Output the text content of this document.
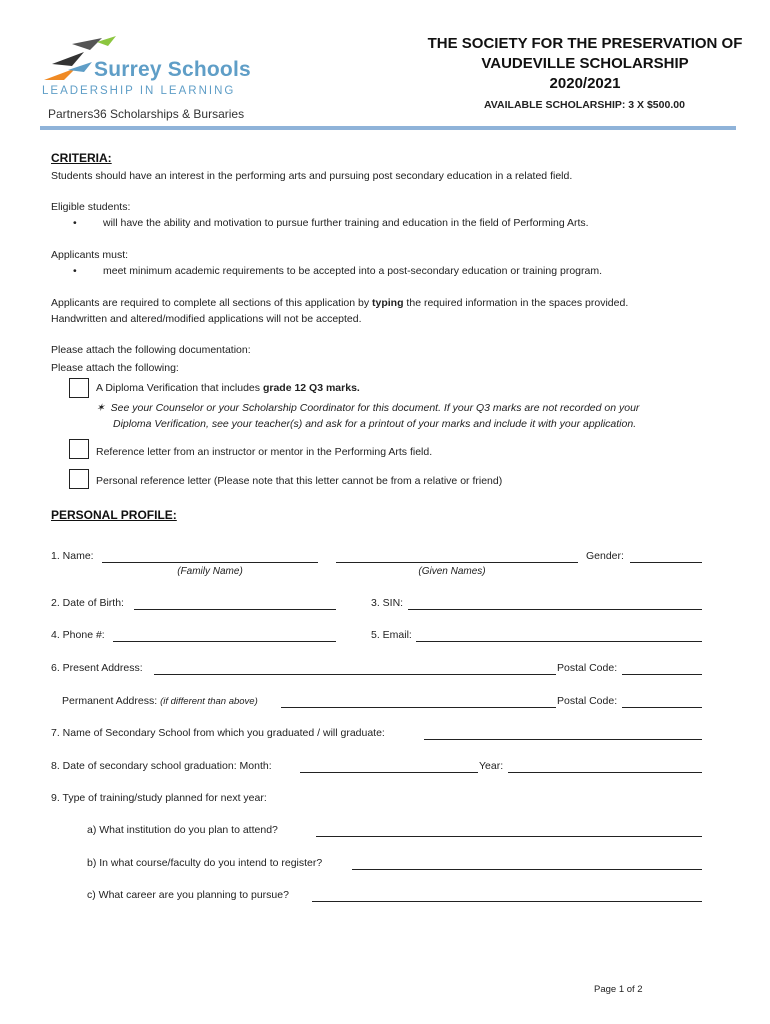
Surrey Schools
LEADERSHIP IN LEARNING
Partners36 Scholarships & Bursaries
THE SOCIETY FOR THE PRESERVATION OF
VAUDEVILLE SCHOLARSHIP
2020/2021
AVAILABLE SCHOLARSHIP: 3 X $500.00
CRITERIA:
Students should have an interest in the performing arts and pursuing post secondary education in a related field.
Eligible students:
•	will have the ability and motivation to pursue further training and education in the field of Performing Arts.
Applicants must:
•	meet minimum academic requirements to be accepted into a post-secondary education or training program.
Applicants are required to complete all sections of this application by typing the required information in the spaces provided.
Handwritten and altered/modified applications will not be accepted.
Please attach the following documentation:
Please attach the following:
A Diploma Verification that includes grade 12 Q3 marks.
✶ See your Counselor or your Scholarship Coordinator for this document. If your Q3 marks are not recorded on your
Diploma Verification, see your teacher(s) and ask for a printout of your marks and include it with your application.
Reference letter from an instructor or mentor in the Performing Arts field.
Personal reference letter (Please note that this letter cannot be from a relative or friend)
PERSONAL PROFILE:
1. Name:	Gender:
(Family Name)	(Given Names)
2. Date of Birth:	3. SIN:
4. Phone #:	5. Email:
6. Present Address:	Postal Code:
Permanent Address: (if different than above)	Postal Code:
7. Name of Secondary School from which you graduated / will graduate:
8. Date of secondary school graduation: Month:	Year:
9. Type of training/study planned for next year:
a) What institution do you plan to attend?
b) In what course/faculty do you intend to register?
c) What career are you planning to pursue?
Page 1 of 2
